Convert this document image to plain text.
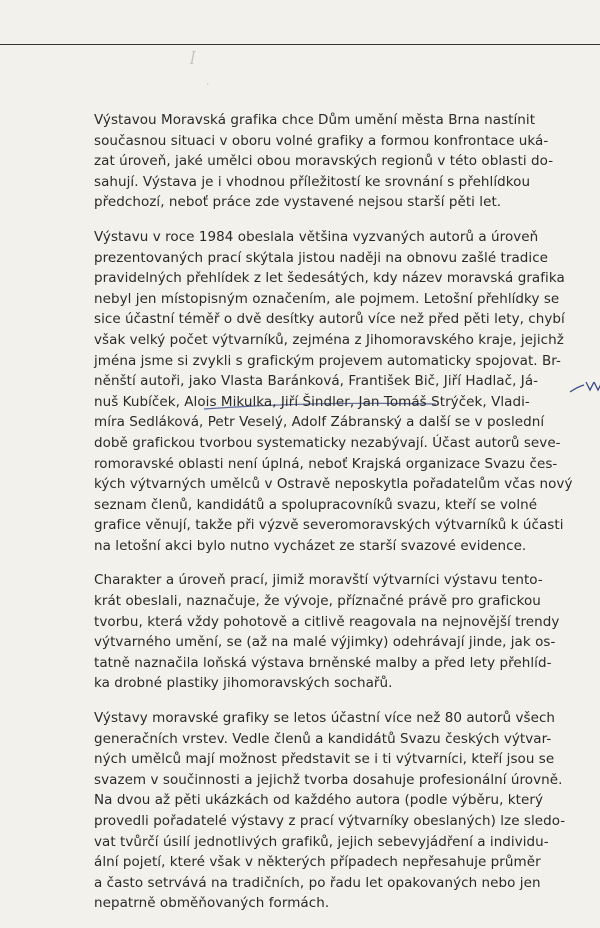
ꟾ
·

Výstavou Moravská grafika chce Dům umění města Brna nastínit
současnou situaci v oboru volné grafiky a formou konfrontace uká-
zat úroveň, jaké umělci obou moravských regionů v této oblasti do-
sahují. Výstava je i vhodnou příležitostí ke srovnání s přehlídkou
předchozí, neboť práce zde vystavené nejsou starší pěti let.

Výstavu v roce 1984 obeslala většina vyzvaných autorů a úroveň
prezentovaných prací skýtala jistou naději na obnovu zašlé tradice
pravidelných přehlídek z let šedesátých, kdy název moravská grafika
nebyl jen místopisným označením, ale pojmem. Letošní přehlídky se
sice účastní téměř o dvě desítky autorů více než před pěti lety, chybí
však velký počet výtvarníků, zejména z Jihomoravského kraje, jejichž
jména jsme si zvykli s grafickým projevem automaticky spojovat. Br-
něnští autoři, jako Vlasta Baránková, František Bič, Jiří Hadlač, Já-
nuš Kubíček, Alois Mikulka, Jiří Šindler, Jan Tomáš Strýček, Vladi-
míra Sedláková, Petr Veselý, Adolf Zábranský a další se v poslední
době grafickou tvorbou systematicky nezabývají. Účast autorů seve-
romoravské oblasti není úplná, neboť Krajská organizace Svazu čes-
kých výtvarných umělců v Ostravě neposkytla pořadatelům včas nový
seznam členů, kandidátů a spolupracovníků svazu, kteří se volné
grafice věnují, takže při výzvě severomoravských výtvarníků k účasti
na letošní akci bylo nutno vycházet ze starší svazové evidence.

Charakter a úroveň prací, jimiž moravští výtvarníci výstavu tento-
krát obeslali, naznačuje, že vývoje, příznačné právě pro grafickou
tvorbu, která vždy pohotově a citlivě reagovala na nejnovější trendy
výtvarného umění, se (až na malé výjimky) odehrávají jinde, jak os-
tatně naznačila loňská výstava brněnské malby a před lety přehlíd-
ka drobné plastiky jihomoravských sochařů.

Výstavy moravské grafiky se letos účastní více než 80 autorů všech
generačních vrstev. Vedle členů a kandidátů Svazu českých výtvar-
ných umělců mají možnost představit se i ti výtvarníci, kteří jsou se
svazem v součinnosti a jejichž tvorba dosahuje profesionální úrovně.
Na dvou až pěti ukázkách od každého autora (podle výběru, který
provedli pořadatelé výstavy z prací výtvarníky obeslaných) lze sledo-
vat tvůrčí úsilí jednotlivých grafiků, jejich sebevyjádření a individu-
ální pojetí, které však v některých případech nepřesahuje průměr
a často setrvává na tradičních, po řadu let opakovaných nebo jen
nepatrně obměňovaných formách.
